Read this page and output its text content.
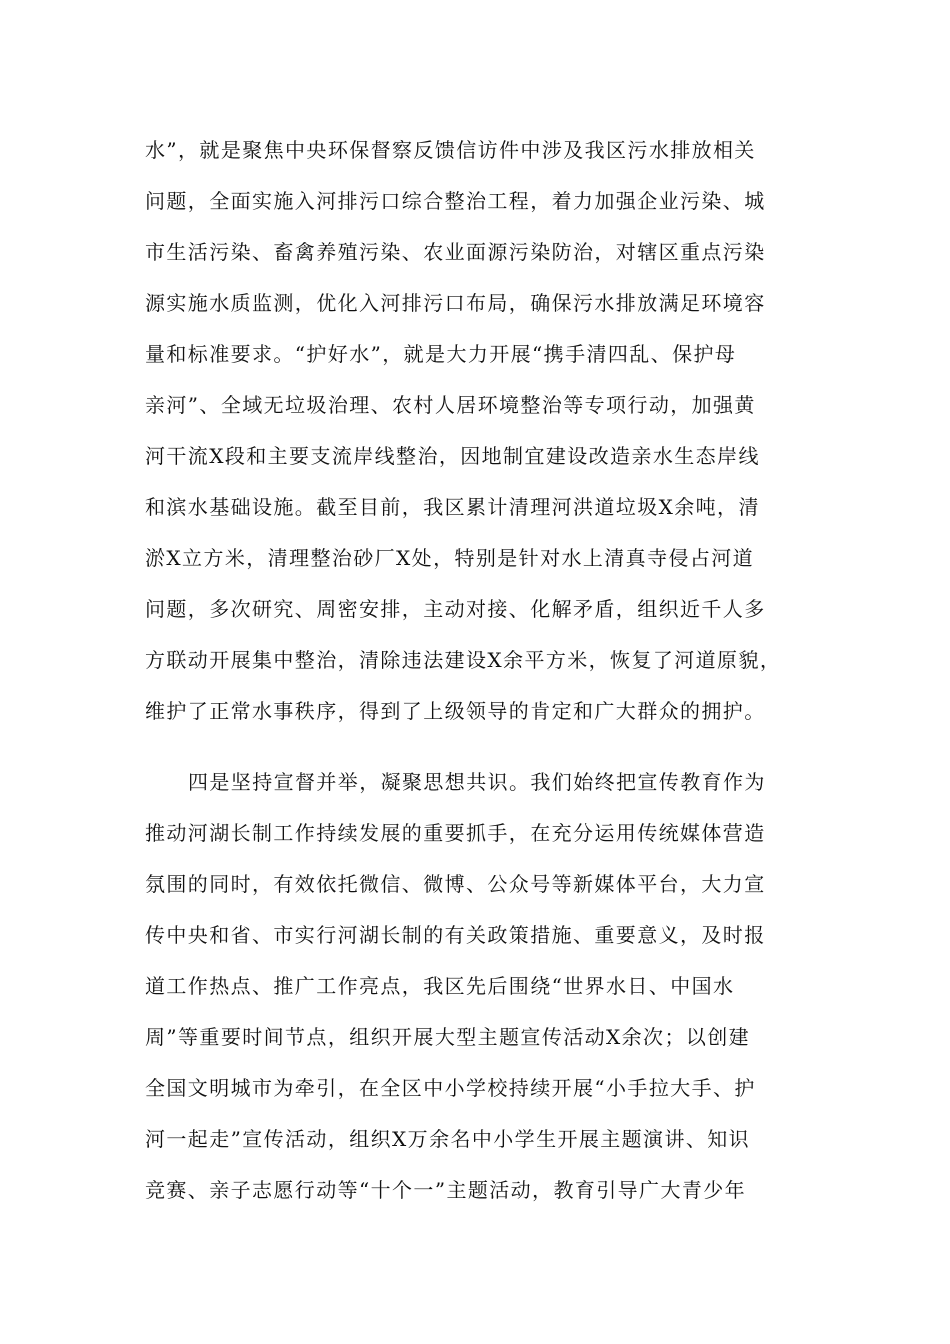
水”，就是聚焦中央环保督察反馈信访件中涉及我区污水排放相关
问题，全面实施入河排污口综合整治工程，着力加强企业污染、城
市生活污染、畜禽养殖污染、农业面源污染防治，对辖区重点污染
源实施水质监测，优化入河排污口布局，确保污水排放满足环境容
量和标准要求。“护好水”，就是大力开展“携手清四乱、保护母
亲河”、全域无垃圾治理、农村人居环境整治等专项行动，加强黄
河干流X段和主要支流岸线整治，因地制宜建设改造亲水生态岸线
和滨水基础设施。截至目前，我区累计清理河洪道垃圾X余吨，清
淤X立方米，清理整治砂厂X处，特别是针对水上清真寺侵占河道
问题，多次研究、周密安排，主动对接、化解矛盾，组织近千人多
方联动开展集中整治，清除违法建设X余平方米，恢复了河道原貌，
维护了正常水事秩序，得到了上级领导的肯定和广大群众的拥护。
四是坚持宣督并举，凝聚思想共识。我们始终把宣传教育作为
推动河湖长制工作持续发展的重要抓手，在充分运用传统媒体营造
氛围的同时，有效依托微信、微博、公众号等新媒体平台，大力宣
传中央和省、市实行河湖长制的有关政策措施、重要意义，及时报
道工作热点、推广工作亮点，我区先后围绕“世界水日、中国水
周”等重要时间节点，组织开展大型主题宣传活动X余次；以创建
全国文明城市为牵引，在全区中小学校持续开展“小手拉大手、护
河一起走”宣传活动，组织X万余名中小学生开展主题演讲、知识
竞赛、亲子志愿行动等“十个一”主题活动，教育引导广大青少年
